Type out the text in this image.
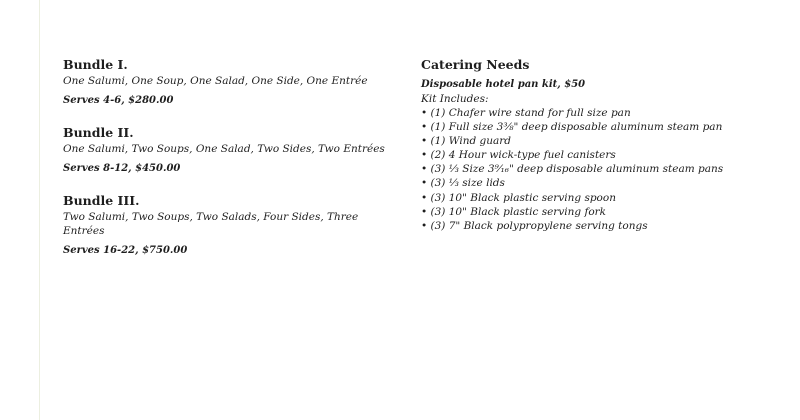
Bundle I.

One Salumi, One Soup, One Salad, One Side, One Entrée

Serves 4-6, $280.00

Bundle II.

One Salumi, Two Soups, One Salad, Two Sides, Two Entrées

Serves 8-12, $450.00

Bundle III.

Two Salumi, Two Soups, Two Salads, Four Sides, Three Entrées

Serves 16-22, $750.00

Catering Needs

Disposable hotel pan kit, $50

Kit Includes:

• (1) Chafer wire stand for full size pan
• (1) Full size 3⅜" deep disposable aluminum steam pan
• (1) Wind guard
• (2) 4 Hour wick-type fuel canisters
• (3) ⅓ Size 3⁹⁄₁₆" deep disposable aluminum steam pans
• (3) ⅓ size lids
• (3) 10" Black plastic serving spoon
• (3) 10" Black plastic serving fork
• (3) 7" Black polypropylene serving tongs
